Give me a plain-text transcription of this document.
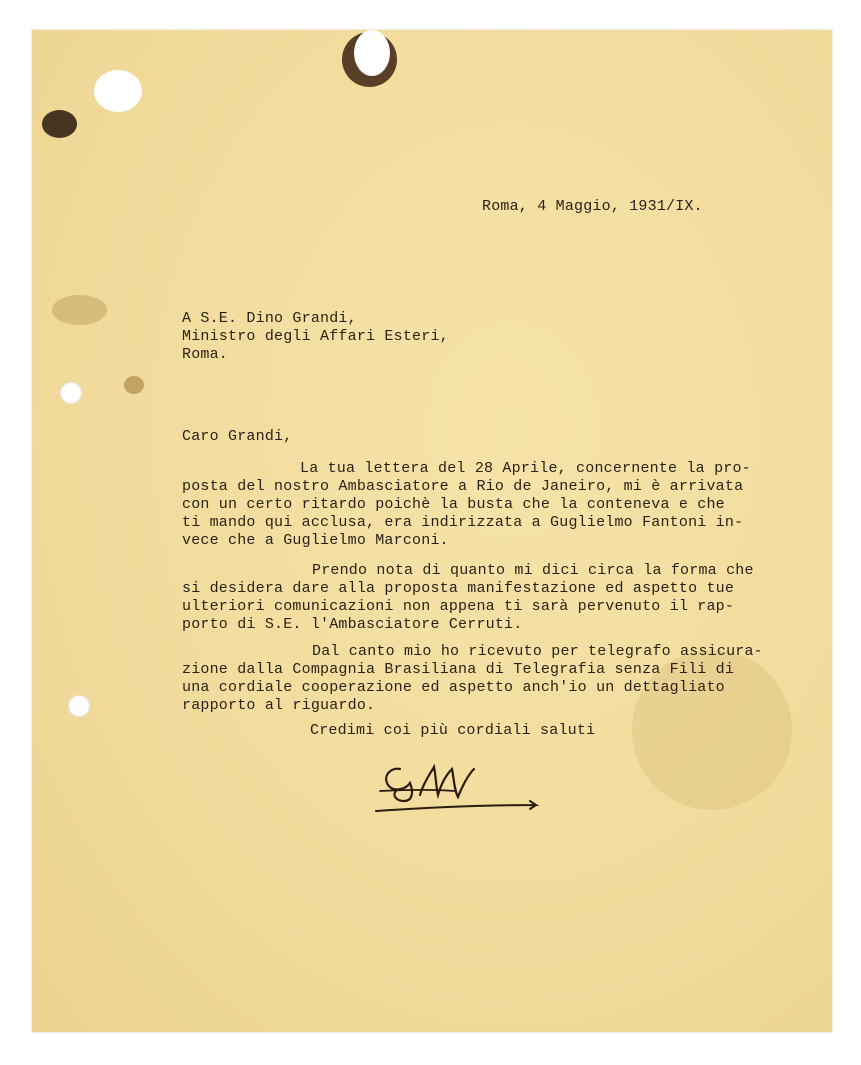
Roma, 4 Maggio, 1931/IX.

A S.E. Dino Grandi,

Ministro degli Affari Esteri,

Roma.

Caro Grandi,

La tua lettera del 28 Aprile, concernente la pro-

posta del nostro Ambasciatore a Rio de Janeiro, mi è arrivata

con un certo ritardo poichè la busta che la conteneva e che

ti mando qui acclusa, era indirizzata a Guglielmo Fantoni in-

vece che a Guglielmo Marconi.

Prendo nota di quanto mi dici circa la forma che

si desidera dare alla proposta manifestazione ed aspetto tue

ulteriori comunicazioni non appena ti sarà pervenuto il rap-

porto di S.E. l'Ambasciatore Cerruti.

Dal canto mio ho ricevuto per telegrafo assicura-

zione dalla Compagnia Brasiliana di Telegrafia senza Fili di

una cordiale cooperazione ed aspetto anch'io un dettagliato

rapporto al riguardo.

Credimi coi più cordiali saluti
